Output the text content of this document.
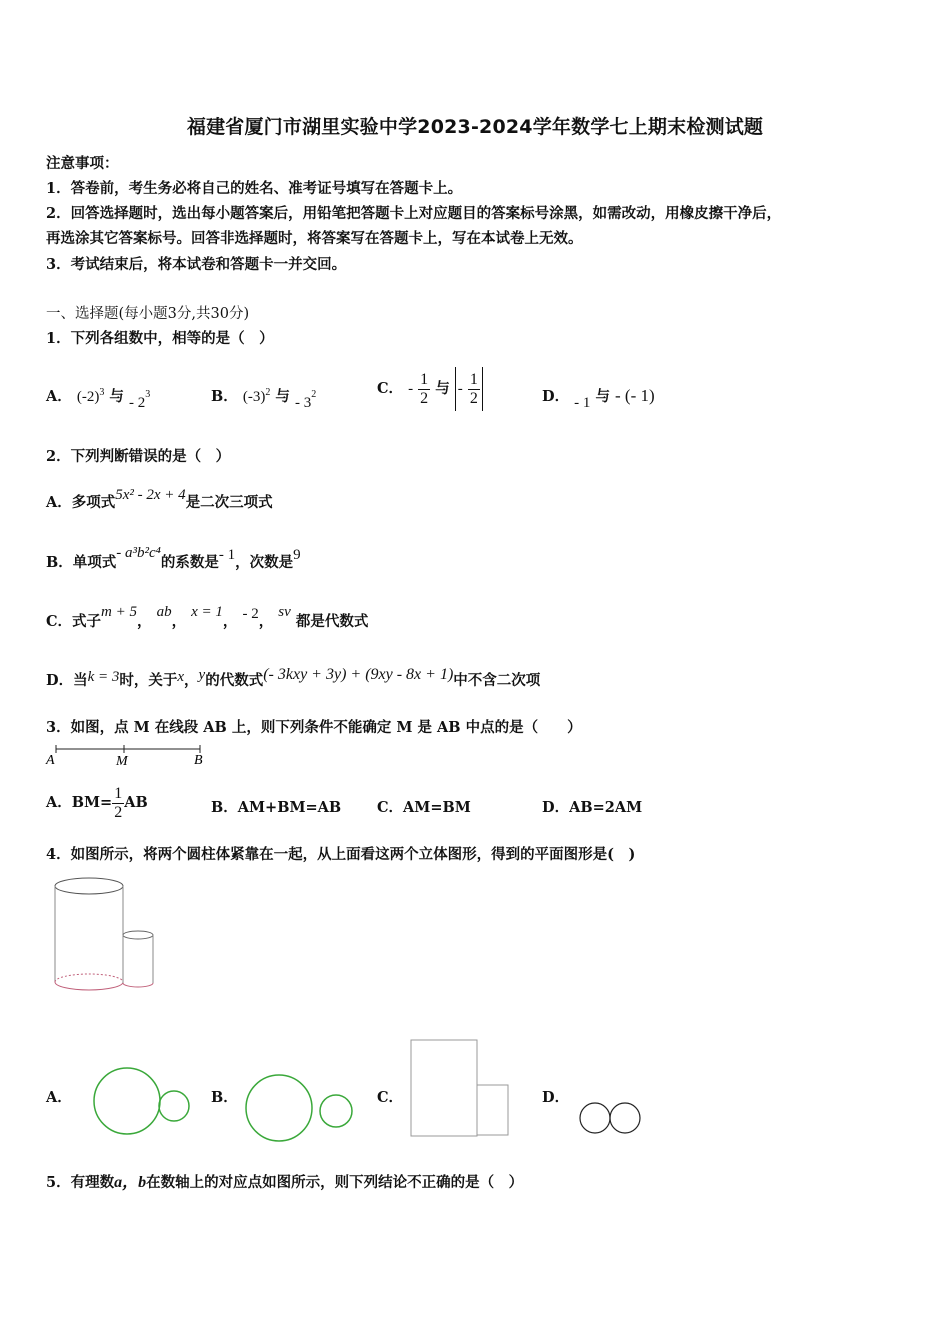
福建省厦门市湖里实验中学2023-2024学年数学七上期末检测试题
注意事项：
1．答卷前，考生务必将自己的姓名、准考证号填写在答题卡上。
2．回答选择题时，选出每小题答案后，用铅笔把答题卡上对应题目的答案标号涂黑，如需改动，用橡皮擦干净后，
再选涂其它答案标号。回答非选择题时，将答案写在答题卡上，写在本试卷上无效。
3．考试结束后，将本试卷和答题卡一并交回。
一、选择题(每小题3分,共30分)
1．下列各组数中，相等的是（　）
A． $(-2)^3$ 与 - $2^3$	B． $(-3)^2$ 与 - $3^2$	C． - $\frac{1}{2}$ 与 - $\frac{1}{2}$	D． - 1 与 - (- 1)
2．下列判断错误的是（　）
A．多项式5x² - 2x + 4是二次三项式
B．单项式- a³b²c⁴的系数是- 1，次数是9
C．式子m + 5， ab， x = 1， - 2， sv 都是代数式
D．当k = 3时，关于x，y的代数式(- 3kxy + 3y) + (9xy - 8x + 1)中不含二次项
3．如图，点 M 在线段 AB 上，则下列条件不能确定 M 是 AB 中点的是（　　）
A	M	B
A．$BM= \frac{1}{2}$ AB	B．AM+BM=AB C．AM=BM	D．AB=2AM
4．如图所示，将两个圆柱体紧靠在一起，从上面看这两个立体图形，得到的平面图形是(　)
A．	B．	C．	D．
5．有理数a，b在数轴上的对应点如图所示，则下列结论不正确的是（　）
